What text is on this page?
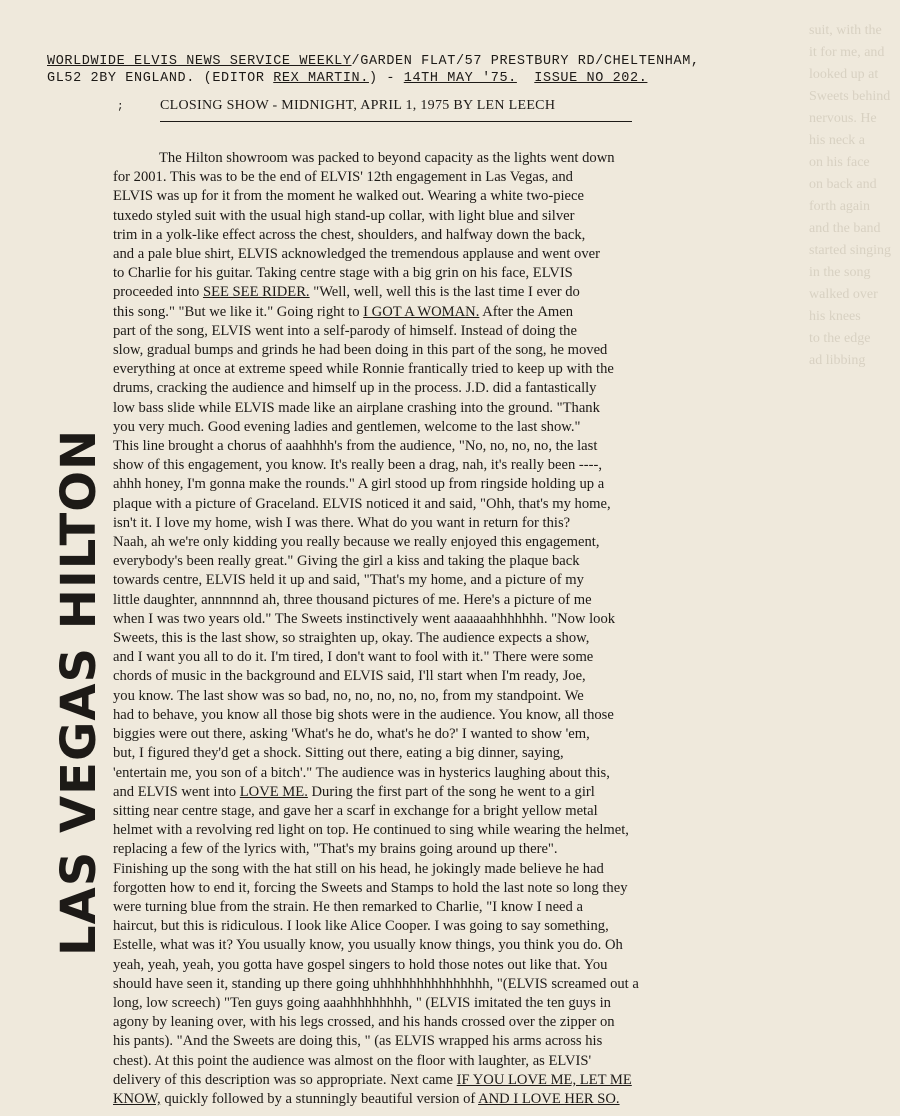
suit, with the
it for me, and
looked up at
Sweets behind
nervous. He
his neck a
on his face
on back and
forth again
and the band
started singing
in the song
walked over
his knees
to the edge
ad libbing
WORLDWIDE ELVIS NEWS SERVICE WEEKLY/GARDEN FLAT/57 PRESTBURY RD/CHELTENHAM,
GL52 2BY ENGLAND. (EDITOR REX MARTIN.) - 14TH MAY '75. ISSUE NO 202.
;	CLOSING SHOW - MIDNIGHT, APRIL 1, 1975 BY LEN LEECH
LAS VEGAS HILTON
The Hilton showroom was packed to beyond capacity as the lights went down
for 2001. This was to be the end of ELVIS' 12th engagement in Las Vegas, and
ELVIS was up for it from the moment he walked out. Wearing a white two-piece
tuxedo styled suit with the usual high stand-up collar, with light blue and silver
trim in a yolk-like effect across the chest, shoulders, and halfway down the back,
and a pale blue shirt, ELVIS acknowledged the tremendous applause and went over
to Charlie for his guitar. Taking centre stage with a big grin on his face, ELVIS
proceeded into SEE SEE RIDER. "Well, well, well this is the last time I ever do
this song." "But we like it." Going right to I GOT A WOMAN. After the Amen
part of the song, ELVIS went into a self-parody of himself. Instead of doing the
slow, gradual bumps and grinds he had been doing in this part of the song, he moved
everything at once at extreme speed while Ronnie frantically tried to keep up with the
drums, cracking the audience and himself up in the process. J.D. did a fantastically
low bass slide while ELVIS made like an airplane crashing into the ground. "Thank
you very much. Good evening ladies and gentlemen, welcome to the last show."
This line brought a chorus of aaahhhh's from the audience, "No, no, no, no, the last
show of this engagement, you know. It's really been a drag, nah, it's really been ----,
ahhh honey, I'm gonna make the rounds." A girl stood up from ringside holding up a
plaque with a picture of Graceland. ELVIS noticed it and said, "Ohh, that's my home,
isn't it. I love my home, wish I was there. What do you want in return for this?
Naah, ah we're only kidding you really because we really enjoyed this engagement,
everybody's been really great." Giving the girl a kiss and taking the plaque back
towards centre, ELVIS held it up and said, "That's my home, and a picture of my
little daughter, annnnnnd ah, three thousand pictures of me. Here's a picture of me
when I was two years old." The Sweets instinctively went aaaaaahhhhhhh. "Now look
Sweets, this is the last show, so straighten up, okay. The audience expects a show,
and I want you all to do it. I'm tired, I don't want to fool with it." There were some
chords of music in the background and ELVIS said, I'll start when I'm ready, Joe,
you know. The last show was so bad, no, no, no, no, no, from my standpoint. We
had to behave, you know all those big shots were in the audience. You know, all those
biggies were out there, asking 'What's he do, what's he do?' I wanted to show 'em,
but, I figured they'd get a shock. Sitting out there, eating a big dinner, saying,
'entertain me, you son of a bitch'." The audience was in hysterics laughing about this,
and ELVIS went into LOVE ME. During the first part of the song he went to a girl
sitting near centre stage, and gave her a scarf in exchange for a bright yellow metal
helmet with a revolving red light on top. He continued to sing while wearing the helmet,
replacing a few of the lyrics with, "That's my brains going around up there".
Finishing up the song with the hat still on his head, he jokingly made believe he had
forgotten how to end it, forcing the Sweets and Stamps to hold the last note so long they
were turning blue from the strain. He then remarked to Charlie, "I know I need a
haircut, but this is ridiculous. I look like Alice Cooper. I was going to say something,
Estelle, what was it? You usually know, you usually know things, you think you do. Oh
yeah, yeah, yeah, you gotta have gospel singers to hold those notes out like that. You
should have seen it, standing up there going uhhhhhhhhhhhhhhh, "(ELVIS screamed out a
long, low screech) "Ten guys going aaahhhhhhhhh, " (ELVIS imitated the ten guys in
agony by leaning over, with his legs crossed, and his hands crossed over the zipper on
his pants). "And the Sweets are doing this, " (as ELVIS wrapped his arms across his
chest). At this point the audience was almost on the floor with laughter, as ELVIS'
delivery of this description was so appropriate. Next came IF YOU LOVE ME, LET ME
KNOW, quickly followed by a stunningly beautiful version of AND I LOVE HER SO.
